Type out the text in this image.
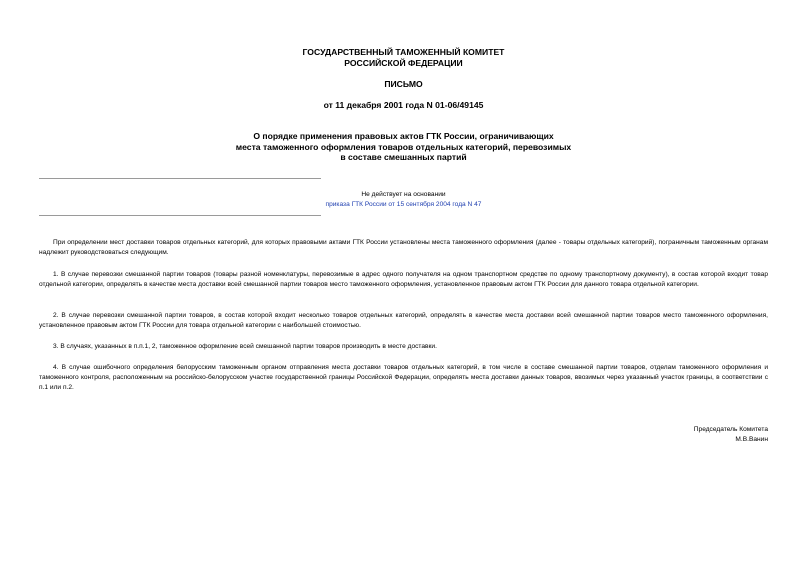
ГОСУДАРСТВЕННЫЙ ТАМОЖЕННЫЙ КОМИТЕТ
РОССИЙСКОЙ ФЕДЕРАЦИИ
ПИСЬМО
от 11 декабря 2001 года N 01-06/49145
О порядке применения правовых актов ГТК России, ограничивающих
места таможенного оформления товаров отдельных категорий, перевозимых
в составе смешанных партий
Не действует на основании
приказа ГТК России от 15 сентября 2004 года N 47

При определении мест доставки товаров отдельных категорий, для которых правовыми актами ГТК России установлены места таможенного оформления (далее - товары отдельных категорий), пограничным таможенным органам надлежит руководствоваться следующим.

1. В случае перевозки смешанной партии товаров (товары разной номенклатуры, перевозимые в адрес одного получателя на одном транспортном средстве по одному транспортному документу), в состав которой входит товар отдельной категории, определять в качестве места доставки всей смешанной партии товаров место таможенного оформления, установленное правовым актом ГТК России для данного товара отдельной категории.

2. В случае перевозки смешанной партии товаров, в состав которой входит несколько товаров отдельных категорий, определять в качестве места доставки всей смешанной партии товаров место таможенного оформления, установленное правовым актом ГТК России для товара отдельной категории с наибольшей стоимостью.

3. В случаях, указанных в п.п.1, 2, таможенное оформление всей смешанной партии товаров производить в месте доставки.

4. В случае ошибочного определения белорусским таможенным органом отправления места доставки товаров отдельных категорий, в том числе в составе смешанной партии товаров, отделам таможенного оформления и таможенного контроля, расположенным на российско-белорусском участке государственной границы Российской Федерации, определять места доставки данных товаров, ввозимых через указанный участок границы, в соответствии с п.1 или п.2.

Председатель Комитета
М.В.Ванин
